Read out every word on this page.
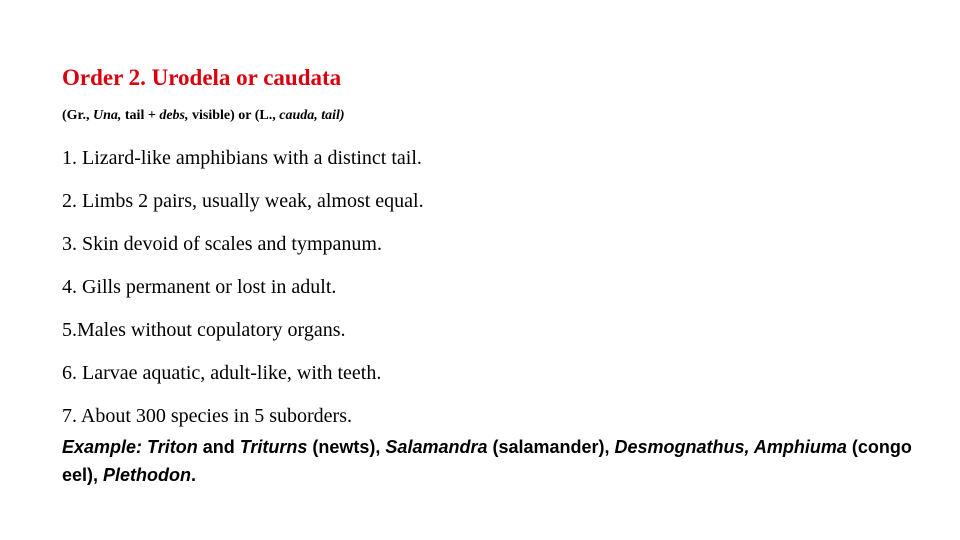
Order 2. Urodela or caudata
(Gr., Una, tail + debs, visible) or (L., cauda, tail)
1. Lizard-like amphibians with a distinct tail.
2. Limbs 2 pairs, usually weak, almost equal.
3. Skin devoid of scales and tympanum.
4. Gills permanent or lost in adult.
5.Males without copulatory organs.
6. Larvae aquatic, adult-like, with teeth.
7. About 300 species in 5 suborders.
Example: Triton and Triturns (newts), Salamandra (salamander), Desmognathus, Amphiuma (congo eel), Plethodon.
